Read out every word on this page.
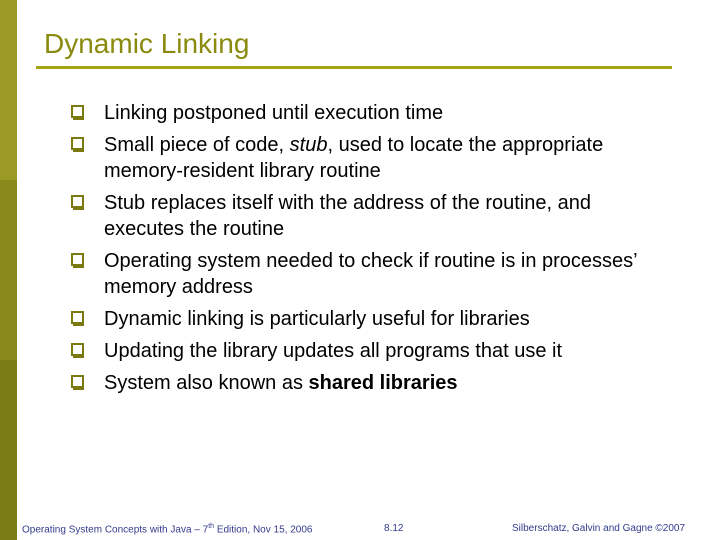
Dynamic Linking
Linking postponed until execution time
Small piece of code, stub, used to locate the appropriate memory-resident library routine
Stub replaces itself with the address of the routine, and executes the routine
Operating system needed to check if routine is in processes’ memory address
Dynamic linking is particularly useful for libraries
Updating the library updates all programs that use it
System also known as shared libraries
Operating System Concepts with Java – 7th Edition, Nov 15, 2006	8.12	Silberschatz, Galvin and Gagne ©2007
